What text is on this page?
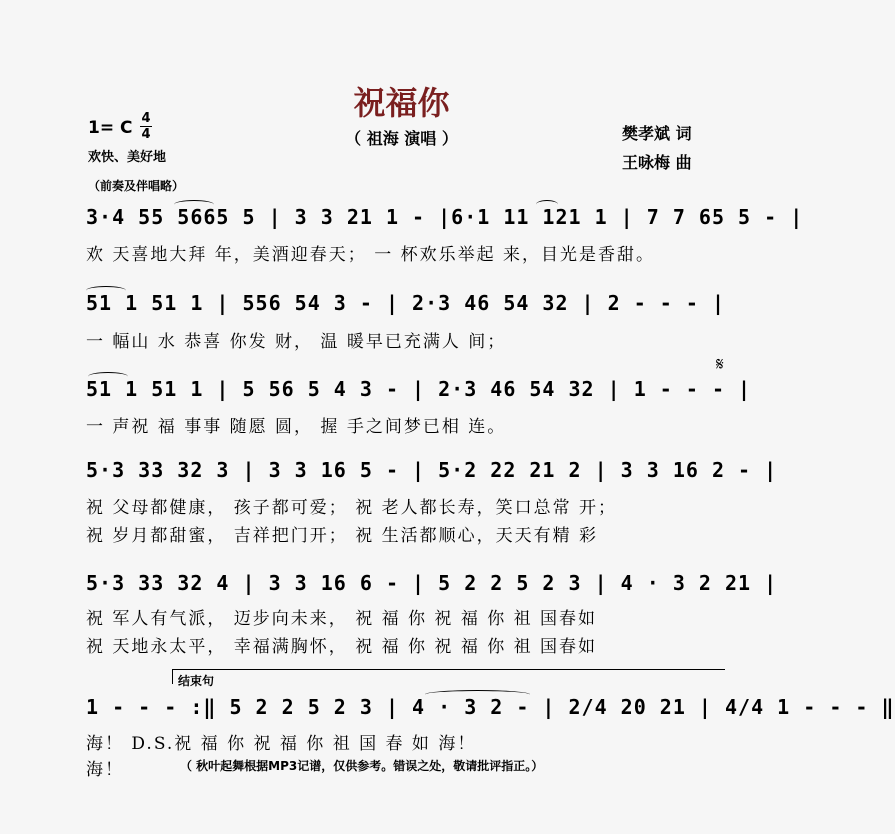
祝福你
（ 祖海 演唱 ）
1= C 4
4
欢快、美好地
（前奏及伴唱略）
樊孝斌 词
王咏梅 曲
3·4 55 5665 5 | 3 3 21 1 - |6·1 11 121 1 | 7 7 65 5 - |
欢 天喜地大拜 年，美酒迎春天； 一 杯欢乐举起 来，目光是香甜。
51 1 51 1 | 556 54 3 - | 2·3 46 54 32 | 2 - - - |
一 幅山 水 恭喜 你发 财， 温 暖早已充满人 间；
51 1 51 1 | 5 56 5 4 3 - | 2·3 46 54 32 | 1 - - - |
一 声祝 福 事事 随愿 圆， 握 手之间梦已相 连。
𝄋
5·3 33 32 3 | 3 3 16 5 - | 5·2 22 21 2 | 3 3 16 2 - |
祝 父母都健康， 孩子都可爱； 祝 老人都长寿，笑口总常 开；
祝 岁月都甜蜜， 吉祥把门开； 祝 生活都顺心，天天有精 彩
5·3 33 32 4 | 3 3 16 6 - | 5 2 2 5 2 3 | 4 · 3 2 21 |
祝 军人有气派， 迈步向未来， 祝 福 你 祝 福 你 祖 国春如
祝 天地永太平， 幸福满胸怀， 祝 福 你 祝 福 你 祖 国春如
结束句
1 - - - :‖ 5 2 2 5 2 3 | 4 · 3 2 - | 2/4 20 21 | 4/4 1 - - - ‖
海！ D.S.祝 福 你 祝 福 你 祖 国 春 如 海！
海！	（ 秋叶起舞根据MP3记谱，仅供参考。错误之处，敬请批评指正。）
